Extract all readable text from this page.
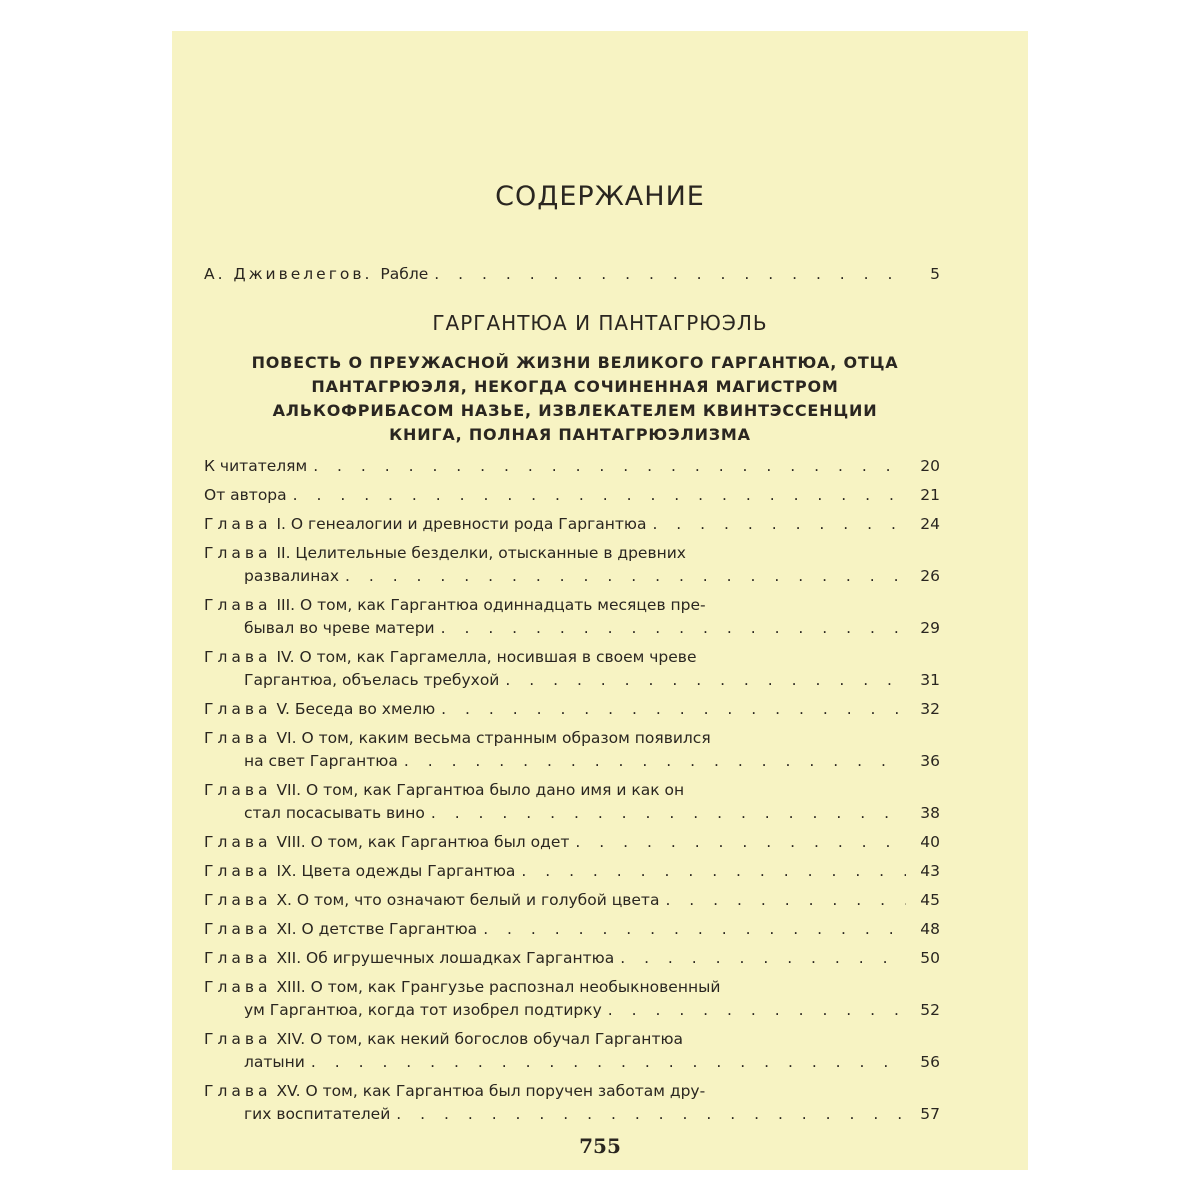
СОДЕРЖАНИЕ
А. Дживелегов. Рабле . . .	5
ГАРГАНТЮА И ПАНТАГРЮЭЛЬ
ПОВЕСТЬ О ПРЕУЖАСНОЙ ЖИЗНИ ВЕЛИКОГО ГАРГАНТЮА, ОТЦА
ПАНТАГРЮЭЛЯ, НЕКОГДА СОЧИНЕННАЯ МАГИСТРОМ
АЛЬКОФРИБАСОМ НАЗЬЕ, ИЗВЛЕКАТЕЛЕМ КВИНТЭССЕНЦИИ
КНИГА, ПОЛНАЯ ПАНТАГРЮЭЛИЗМА
К читателям . . .	20
От автора . . .	21
Глава I. О генеалогии и древности рода Гаргантюа . . .	24
Глава II. Целительные безделки, отысканные в древних
развалинах . . .	26
Глава III. О том, как Гаргантюа одиннадцать месяцев пре-
бывал во чреве матери . . .	29
Глава IV. О том, как Гаргамелла, носившая в своем чреве
Гаргантюа, объелась требухой . . .	31
Глава V. Беседа во хмелю . . .	32
Глава VI. О том, каким весьма странным образом появился
на свет Гаргантюа . . .	36
Глава VII. О том, как Гаргантюа было дано имя и как он
стал посасывать вино . . .	38
Глава VIII. О том, как Гаргантюа был одет . . .	40
Глава IX. Цвета одежды Гаргантюа . . .	43
Глава X. О том, что означают белый и голубой цвета . . .	45
Глава XI. О детстве Гаргантюа . . .	48
Глава XII. Об игрушечных лошадках Гаргантюа . . .	50
Глава XIII. О том, как Грангузье распознал необыкновенный
ум Гаргантюа, когда тот изобрел подтирку . . .	52
Глава XIV. О том, как некий богослов обучал Гаргантюа
латыни . . .	56
Глава XV. О том, как Гаргантюа был поручен заботам дру-
гих воспитателей . . .	57
755
